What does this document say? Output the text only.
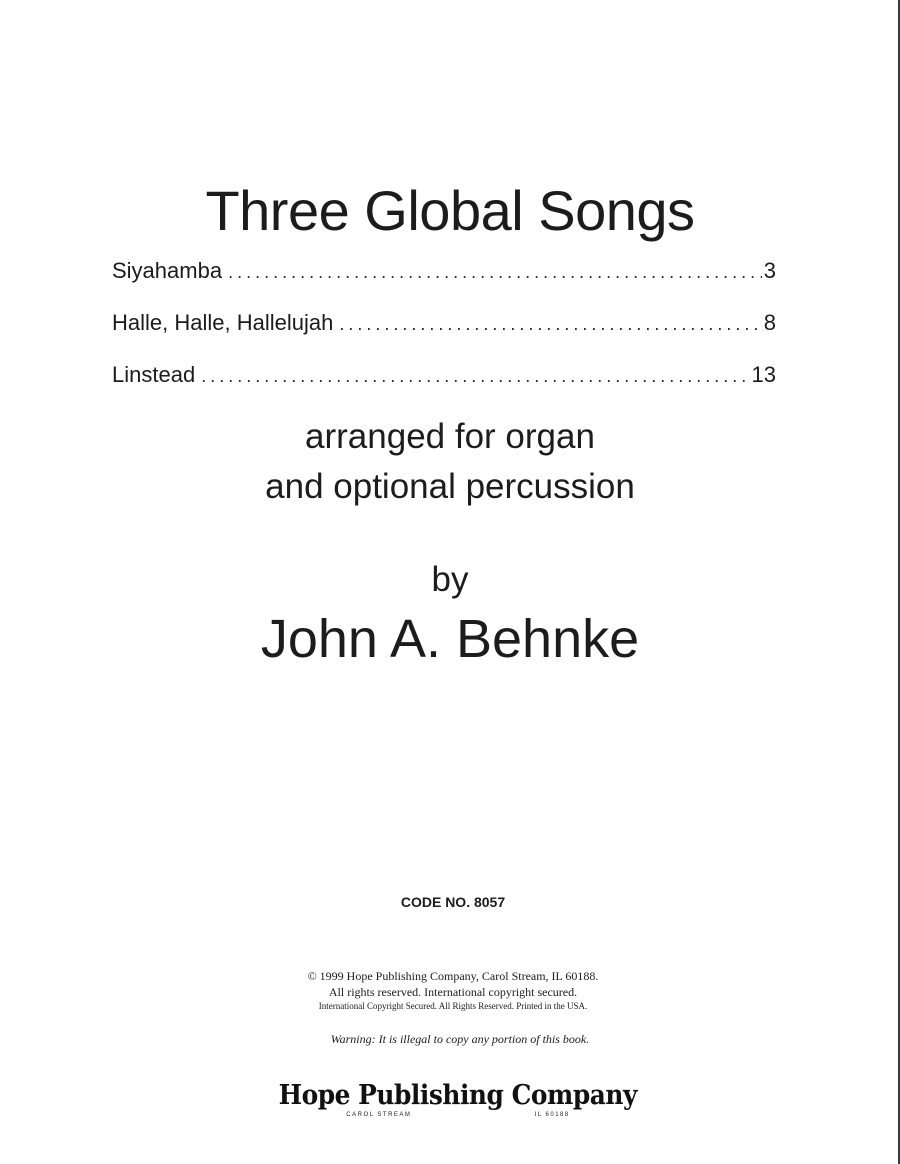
Three Global Songs
Siyahamba .....	3
Halle, Halle, Hallelujah .....	8
Linstead .....	13
arranged for organ
and optional percussion
by
John A. Behnke
CODE NO. 8057
© 1999 Hope Publishing Company, Carol Stream, IL 60188.
All rights reserved. International copyright secured.
International Copyright Secured. All Rights Reserved. Printed in the USA.
Warning: It is illegal to copy any portion of this book.
Hope Publishing Company
CAROL STREAM	IL 60188
